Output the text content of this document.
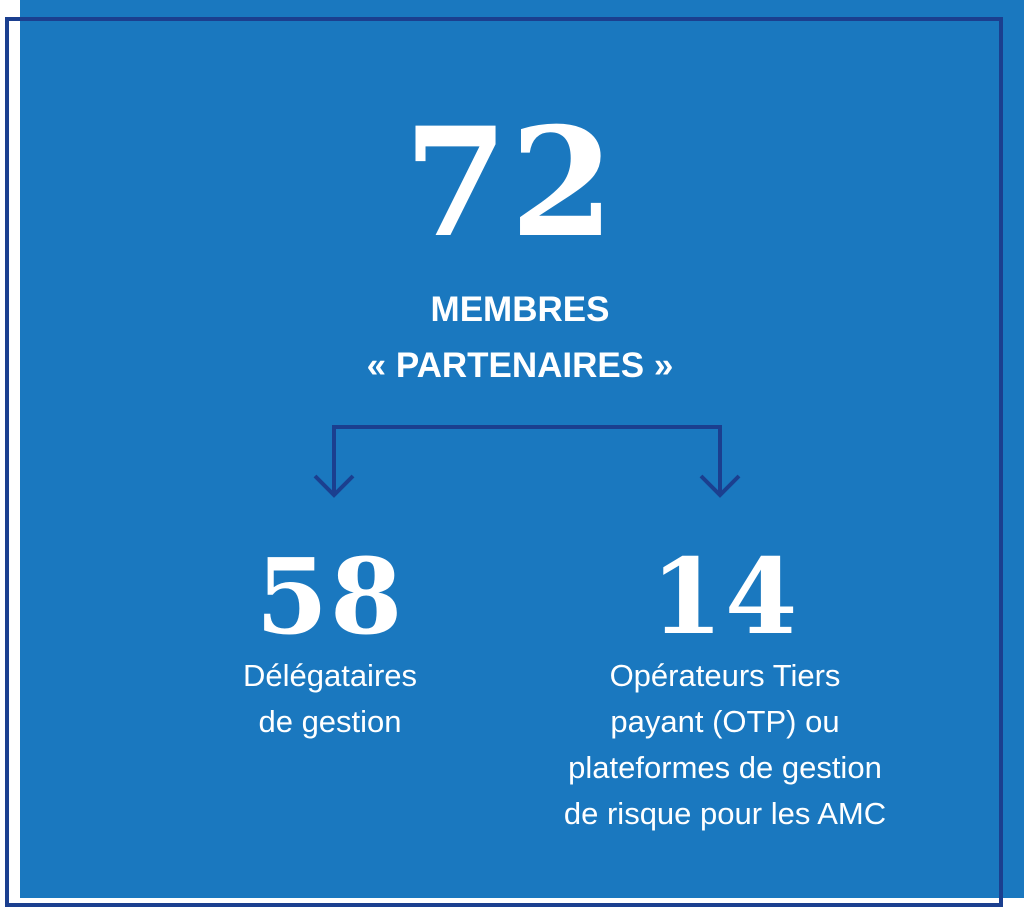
72
MEMBRES
« PARTENAIRES »
58
Délégataires
de gestion
14
Opérateurs Tiers
payant (OTP) ou
plateformes de gestion
de risque pour les AMC
